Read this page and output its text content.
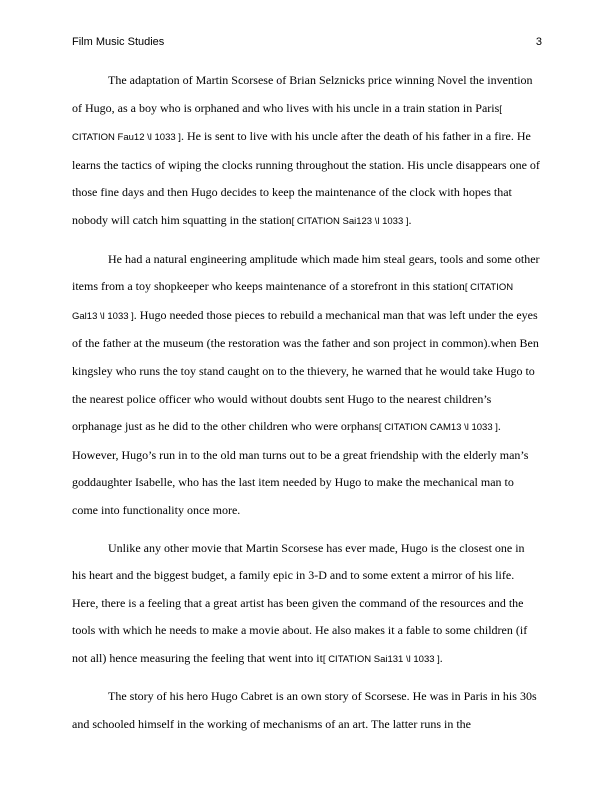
Film Music Studies	3

The adaptation of Martin Scorsese of Brian Selznicks price winning Novel the invention of Hugo, as a boy who is orphaned and who lives with his uncle in a train station in Paris[ CITATION Fau12 \l 1033 ]. He is sent to live with his uncle after the death of his father in a fire. He learns the tactics of wiping the clocks running throughout the station. His uncle disappears one of those fine days and then Hugo decides to keep the maintenance of the clock with hopes that nobody will catch him squatting in the station[ CITATION Sai123 \l 1033 ].

He had a natural engineering amplitude which made him steal gears, tools and some other items from a toy shopkeeper who keeps maintenance of a storefront in this station[ CITATION Gal13 \l 1033 ]. Hugo needed those pieces to rebuild a mechanical man that was left under the eyes of the father at the museum (the restoration was the father and son project in common).when Ben kingsley who runs the toy stand caught on to the thievery, he warned that he would take Hugo to the nearest police officer who would without doubts sent Hugo to the nearest children’s orphanage just as he did to the other children who were orphans[ CITATION CAM13 \l 1033 ]. However, Hugo’s run in to the old man turns out to be a great friendship with the elderly man’s goddaughter Isabelle, who has the last item needed by Hugo to make the mechanical man to come into functionality once more.

Unlike any other movie that Martin Scorsese has ever made, Hugo is the closest one in his heart and the biggest budget, a family epic in 3-D and to some extent a mirror of his life. Here, there is a feeling that a great artist has been given the command of the resources and the tools with which he needs to make a movie about. He also makes it a fable to some children (if not all) hence measuring the feeling that went into it[ CITATION Sai131 \l 1033 ].

The story of his hero Hugo Cabret is an own story of Scorsese. He was in Paris in his 30s and schooled himself in the working of mechanisms of an art. The latter runs in the
